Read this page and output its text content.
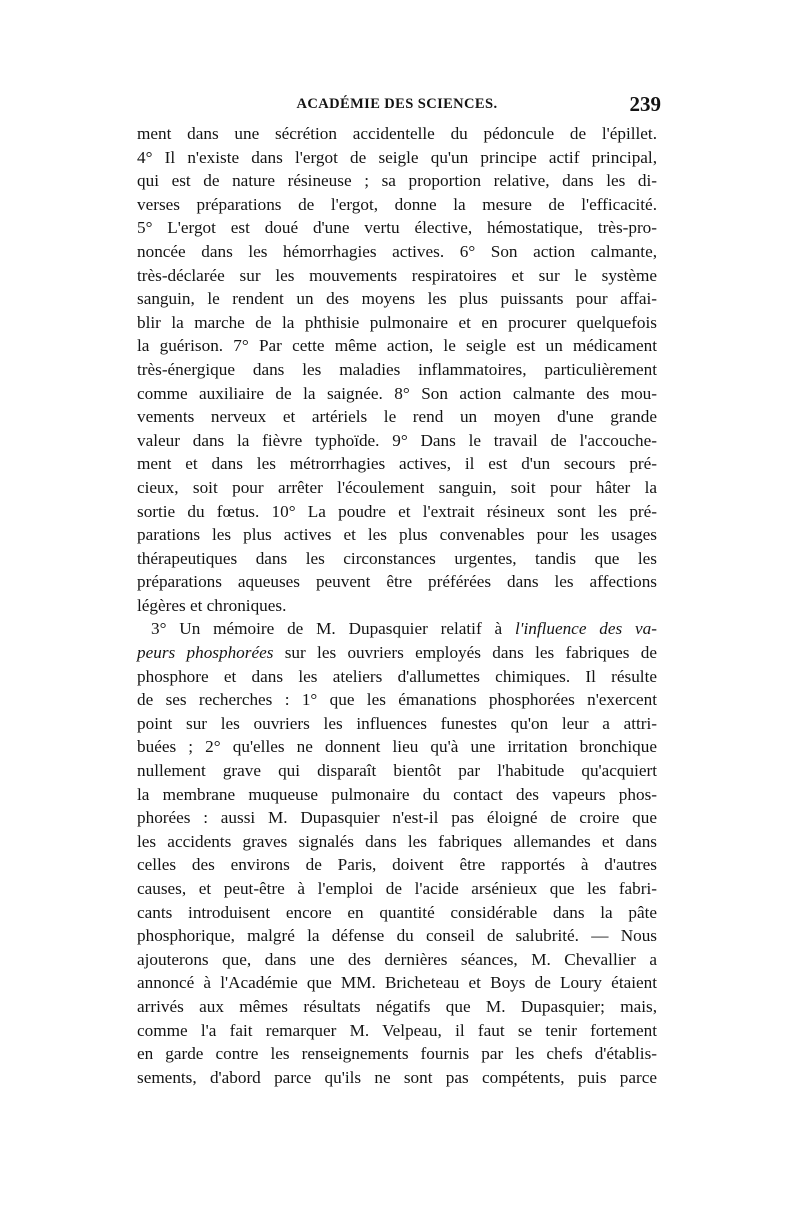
ACADÉMIE DES SCIENCES.	239

ment dans une sécrétion accidentelle du pédoncule de l'épillet.

4° Il n'existe dans l'ergot de seigle qu'un principe actif principal,

qui est de nature résineuse ; sa proportion relative, dans les di-

verses préparations de l'ergot, donne la mesure de l'efficacité.

5° L'ergot est doué d'une vertu élective, hémostatique, très-pro-

noncée dans les hémorrhagies actives. 6° Son action calmante,

très-déclarée sur les mouvements respiratoires et sur le système

sanguin, le rendent un des moyens les plus puissants pour affai-

blir la marche de la phthisie pulmonaire et en procurer quelquefois

la guérison. 7° Par cette même action, le seigle est un médicament

très-énergique dans les maladies inflammatoires, particulièrement

comme auxiliaire de la saignée. 8° Son action calmante des mou-

vements nerveux et artériels le rend un moyen d'une grande

valeur dans la fièvre typhoïde. 9° Dans le travail de l'accouche-

ment et dans les métrorrhagies actives, il est d'un secours pré-

cieux, soit pour arrêter l'écoulement sanguin, soit pour hâter la

sortie du fœtus. 10° La poudre et l'extrait résineux sont les pré-

parations les plus actives et les plus convenables pour les usages

thérapeutiques dans les circonstances urgentes, tandis que les

préparations aqueuses peuvent être préférées dans les affections

légères et chroniques.

3° Un mémoire de M. Dupasquier relatif à l'influence des va-

peurs phosphorées sur les ouvriers employés dans les fabriques de

phosphore et dans les ateliers d'allumettes chimiques. Il résulte

de ses recherches : 1° que les émanations phosphorées n'exercent

point sur les ouvriers les influences funestes qu'on leur a attri-

buées ; 2° qu'elles ne donnent lieu qu'à une irritation bronchique

nullement grave qui disparaît bientôt par l'habitude qu'acquiert

la membrane muqueuse pulmonaire du contact des vapeurs phos-

phorées : aussi M. Dupasquier n'est-il pas éloigné de croire que

les accidents graves signalés dans les fabriques allemandes et dans

celles des environs de Paris, doivent être rapportés à d'autres

causes, et peut-être à l'emploi de l'acide arsénieux que les fabri-

cants introduisent encore en quantité considérable dans la pâte

phosphorique, malgré la défense du conseil de salubrité. — Nous

ajouterons que, dans une des dernières séances, M. Chevallier a

annoncé à l'Académie que MM. Bricheteau et Boys de Loury étaient

arrivés aux mêmes résultats négatifs que M. Dupasquier; mais,

comme l'a fait remarquer M. Velpeau, il faut se tenir fortement

en garde contre les renseignements fournis par les chefs d'établis-

sements, d'abord parce qu'ils ne sont pas compétents, puis parce
